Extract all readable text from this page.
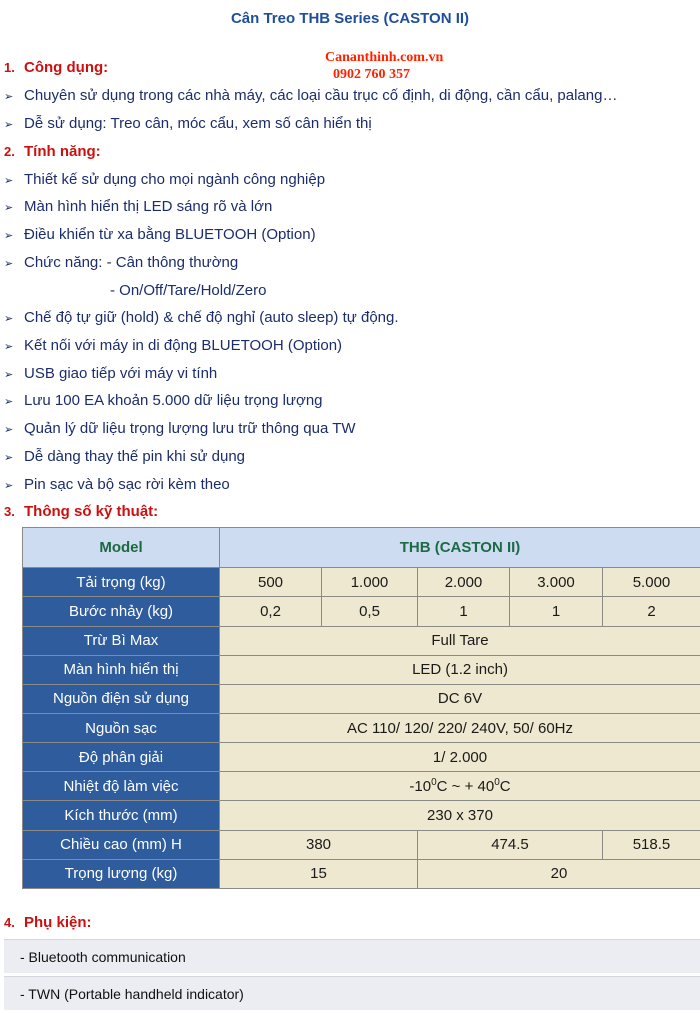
Cân Treo THB Series (CASTON II)
Cananthinh.com.vn
0902 760 357
1. Công dụng:
➢ Chuyên sử dụng trong các nhà máy, các loại cầu trục cố định, di động, cần cẩu, palang…
➢ Dễ sử dụng: Treo cân, móc cẩu, xem số cân hiển thị
2. Tính năng:
➢ Thiết kế sử dụng cho mọi ngành công nghiệp
➢ Màn hình hiển thị LED sáng rõ và lớn
➢ Điều khiển từ xa bằng BLUETOOH (Option)
➢ Chức năng: - Cân thông thường
- On/Off/Tare/Hold/Zero
➢ Chế độ tự giữ (hold) & chế độ nghỉ (auto sleep) tự động.
➢ Kết nối với máy in di động BLUETOOH (Option)
➢ USB giao tiếp với máy vi tính
➢ Lưu 100 EA khoản 5.000 dữ liệu trọng lượng
➢ Quản lý dữ liệu trọng lượng lưu trữ thông qua TW
➢ Dễ dàng thay thế pin khi sử dụng
➢ Pin sạc và bộ sạc rời kèm theo
3. Thông số kỹ thuật:
Model	THB (CASTON II)				
Tải trọng (kg)	500	1.000	2.000	3.000	5.000
Bước nhảy (kg)	0,2	0,5	1	1	2
Trừ Bì Max	Full Tare				
Màn hình hiển thị	LED (1.2 inch)				
Nguồn điện sử dụng	DC 6V				
Nguồn sạc	AC 110/ 120/ 220/ 240V, 50/ 60Hz				
Độ phân giải	1/ 2.000				
Nhiệt độ làm việc	$-10^0C$ ~ + $40^0C$				
Kích thước (mm)	230 x 370				
Chiều cao (mm) H	380		474.5		518.5
Trọng lượng (kg)	15		20		
4. Phụ kiện:
- Bluetooth communication
- TWN (Portable handheld indicator)
